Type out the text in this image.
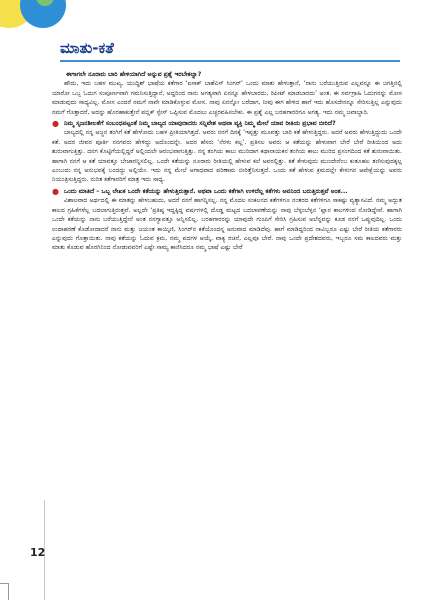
ಮಾತು-ಕತೆ

ಈಗಾಗಲೇ ನೂರಾರು ಬಾರಿ ಹೇಳಿಯಾಗಿದೆ ಅನ್ನುವ ಪ್ರಶ್ನೆ ಇರಬೇಕಲ್ವಾ?

ಹೌದು, ಇದು ಬಹಳ ಮುಖ್ಯ. ಯುದ್ಧಿಶ್ ಭಾಷೆಯ ಕತೆಗಾರ ‘ಐಸಾಕ್ ಬಾಶೆವಿಸ್ ಸಿಂಗರ್’ ಒಂದು ಮಾತು ಹೇಳುತ್ತಾನೆ, ‘ನಾನು ಬರೆಯುತ್ತಿರುವ ಎಲ್ಲವನ್ನೂ ಈ ಜಗತ್ತಿನಲ್ಲಿ ಯಾರೋ ಒಬ್ಬ ಓದುಗ ಸಂಪೂರ್ಣವಾಗಿ ಗಮನಿಸುತ್ತಿದ್ದಾನೆ, ಅದ್ದರಿಂದ ನಾನು ಅಗತ್ಯವಾಗಿ ಏನನ್ನೂ ಹೇಳಬಾರದು, ರಿಪೀಟ್ ಮಾಡಬಾರದು’ ಅಂತ. ಈ ಸರ್ವಗ್ರಾಹಿ ಓದುಗನನ್ನು ಮೋಸ ಮಾಡುವುದು ಸಾಧ್ಯವಿಲ್ಲ. ಮೋಸ ಎಂದರೆ ನಮಗೆ ನಾವೇ ಮಾಡಿಕೊಳ್ಳುವ ಮೋಸ. ನಾವು ಏನನ್ನೋ ಬರೆದಾಗ, ನೀವು ಈಗ ಹೇಳಿದ ಹಾಗೆ ಇದು ಹೊಸದೇನನ್ನೂ ಸೇರಿಸುತ್ತಿಲ್ಲ ಎನ್ನುವುದು ನಮಗೆ ಗೊತ್ತಾದರೆ, ಅದನ್ನು ಹೊರಹಾಕುತ್ತೇನೆ ಪಬ್ಲಿಕ್ ಸ್ಪೇಸ್ ಒಪ್ಪಿಸುವ ಮೊದಲು ಎಚ್ಚರವಹಿಸಬೇಕು. ಈ ಪ್ರಶ್ನೆ ಎಲ್ಲ ಬರಹಗಾರರಿಗೂ ಅಗತ್ಯ. ಇದು ನಮ್ಮ ಜವಾಬ್ದಾರಿ.

● ನಿಮ್ಮ ಸೃಜನಶೀಲತೆಗೆ ಸಂಬಂಧಪಟ್ಟಂತೆ ನಿಮ್ಮ ಬಾಲ್ಯದ ಯಾವುದಾದರು ಸನ್ನಿವೇಶ ಅಥವಾ ವ್ಯಕ್ತಿ ನಿಮ್ಮ ಮೇಲೆ ಯಾವ ರೀತಿಯ ಪ್ರಭಾವ ಬೀರಿದೆ?

ಬಾಲ್ಯದಲ್ಲಿ ನನ್ನ ಅಜ್ಜನ ತಂಗಿಗೆ ಕತೆ ಹೇಳೋದು ಬಹಳ ಪ್ರೀತಿಯಾಗಿತ್ತದೆ. ಅವರು ನನಗೆ ದಿನಕ್ಕೆ ‘ಇಪ್ಪತ್ತು ಮೂವತ್ತು ಬಾರಿ ಕತೆ ಹೇಳುತ್ತಿದ್ದರು. ಅದರೆ ಅವರು ಹೇಳುತ್ತಿದ್ದುದು ಒಂದೇ ಕತೆ. ಅದರ ಜೀವನ ಪೂರ್ತಿ ನನಗವರು ಹೇಳಿದ್ದು ಅದೊಂದನ್ನೇ. ಅದರ ಹೆಸರು ‘ನೆರಳು ಕಲ್ಲ’. ಪ್ರತಿಸಲ ಅವರು ಆ ಕತೆಯನ್ನು ಹೇಳುವಾಗ ಬೇರೆ ಬೇರೆ ರೀತಿಯಿಂದ ಅದು ಶುರುವಾಗುತ್ತಿತ್ತು. ದನಗ ಕೊಟ್ಟಿಗೆಯಲ್ಲಿದ್ದರೆ ಅಲ್ಲಿಂದಲೇ ಆರಂಭವಾಗುತ್ತಿತ್ತು. ನನ್ನ ತಂಗಿಯ ಕಾಲು ಮುರಿದಾಗ ಕಥಾನಾಯಕನ ತಂಗಿಯ ಕಾಲು ಮುರಿದ ಪ್ರಸಂಗದಿಂದ ಕತೆ ಶುರುವಾಯಿತು. ಹಾಗಾಗಿ ನನಗೆ ಆ ಕತೆ ಯಾವತ್ತೂ ಬೇಜಾರನ್ನಿಸಲಿಲ್ಲ. ಒಂದೇ ಕತೆಯನ್ನು ನೂರಾರು ರೀತಿಯಲ್ಲಿ ಹೇಳುವ ಕಲೆ ಅವರಲ್ಲಿತ್ತು. ಕತೆ ಕೇಳುವುದು ಮುಂದೇನೆಂಬ ಕುತೂಹಲ ತಣಿಸುವುದಕ್ಕಲ್ಲ ಎಂಬುದು ನನ್ನ ಅನುಭವಕ್ಕೆ ಬಂದದ್ದು ಅಲ್ಲಿಯೇ. ಇದು ನನ್ನ ಮೇಲೆ ಅಗಾಧವಾದ ಪರಿಣಾಮ ಬೀರಿತ್ತೆನಿಸುತ್ತದೆ. ಒಂದು ಕತೆ ಹೇಳುವ ಕ್ರಮದಲ್ಲೇ ಕೇಳುಗನ ಆಪೇಕ್ಷೆಯನ್ನು ಅವರು ನಿಯಂತ್ರಿಸುತ್ತಿದ್ದರು. ನುರಿತ ಕತೆಗಾರರಿಗೆ ಮಾತ್ರ ಇದು ಸಾಧ್ಯ.

● ಒಂದು ಮಾತಿದೆ – ಒಬ್ಬ ಲೇಖಕ ಒಂದೇ ಕತೆಯನ್ನು ಹೇಳುತ್ತಿರುತ್ತಾನೆ. ಅಥವಾ ಒಂದು ಕತೆಗಾಗಿ ಉಳಿದೆಲ್ಲ ಕತೆಗಳು ಅವನಿಂದ ಬರುತ್ತಿರುತ್ತವೆ ಅಂತ...

ವಿಶಾಲವಾದ ಅರ್ಥದಲ್ಲಿ ಈ ಮಾತನ್ನು ಹೇಳಬಹುದು, ಅದರೆ ನನಗೆ ಹಾಗನ್ನಿಸಲ್ಲ. ನನ್ನ ಮೊದಲ ಸಂಕಲನದ ಕತೆಗಳಿಗೂ ನಂತರದ ಕತೆಗಳಿಗೂ ಸಾಕಷ್ಟು ವ್ಯತ್ಯಾಸವಿದೆ. ನಮ್ಮ ಅದ್ಭುತ ಕಾಲದ ಗ್ರಹಿಕೆಗಳೆಲ್ಲ ಬದಲಾಗುತ್ತಿರುತ್ತವೆ. ಅಲ್ಲದೇ ‘ಪ್ರತಿಷ್ಠ ಇದ್ದಕ್ಕಿದ್ದ ವರ್ಷಗಳಲ್ಲಿ ದೊಡ್ಡ ಮಟ್ಟದ ಬದಲಾವಣೆಯನ್ನು ನಾವು ಬೆಳ್ಳಂಬೆಳ್ಳನ ‘ಪ್ಲಾನ ಕಾಲಗಳಿಂದ ನೋಡಿದ್ದೇವೆ. ಹಾಗಾಗಿ ಒಂದೇ ಕತೆಯನ್ನು ನಾನು ಬರೆಯುತ್ತಿದ್ದೇನೆ ಅಂತ ನನಗ್ಯಾವತ್ತೂ ಅನ್ನಿಸಲಿಲ್ಲ. ಬರಹಗಾರರನ್ನು ಯಾವುದೇ ಗುಂಪಿಗೆ ಸೇರಿಸಿ ಗ್ರಹಿಸುವ ಅಲೆನ್ನವನ್ನು ಕೂಡ ನನಗೆ ಒಪ್ಪುವುದಿಲ್ಲ. ಒಂದು ಉದಾಹರಣೆ ಕೊಡೋದಾದರೆ ನಾನು ಮತ್ತು ಜಯಂತ ಕಾಯ್ಕಿಣಿ, ಸಿಂಗರ್‌ನ ಕತೆಯೊಂದನ್ನ ಅನುವಾದ ಮಾಡಿದೆವು. ಹಾಗೆ ಮಾಡಿದ್ದರಿಂದ ನಾವಿಬ್ಬರೂ ಎಷ್ಟು ಬೇರೆ ರೀತಿಯ ಕತೆಗಾರರು ಎನ್ನುವುದು ಗೊತ್ತಾಯಿತು. ನಾವು ಕತೆಯನ್ನು ಓದುವ ಕ್ರಮ, ನಮ್ಮ ಪದಗಳ ಆಯ್ಕೆ, ವಾಕ್ಯ ರಚನೆ, ಎಲ್ಲವೂ ಬೇರೆ. ನಾವು ಒಂದೇ ಪ್ರದೇಶದವರು, ಇಬ್ಬರೂ ಸಮ ಕಾಲದವರು ಮತ್ತು ಮಾತು ಕೊಡುವ ಹೊರಗಿನಿಂದ ನೋಡುವವರಿಗೆ ಎಷ್ಟೇ ಸಾಮ್ಯ ಕಾಣಿಸಿದರೂ ನಮ್ಮ ಭಾಷೆ ಎಷ್ಟು ಬೇರೆ

12
